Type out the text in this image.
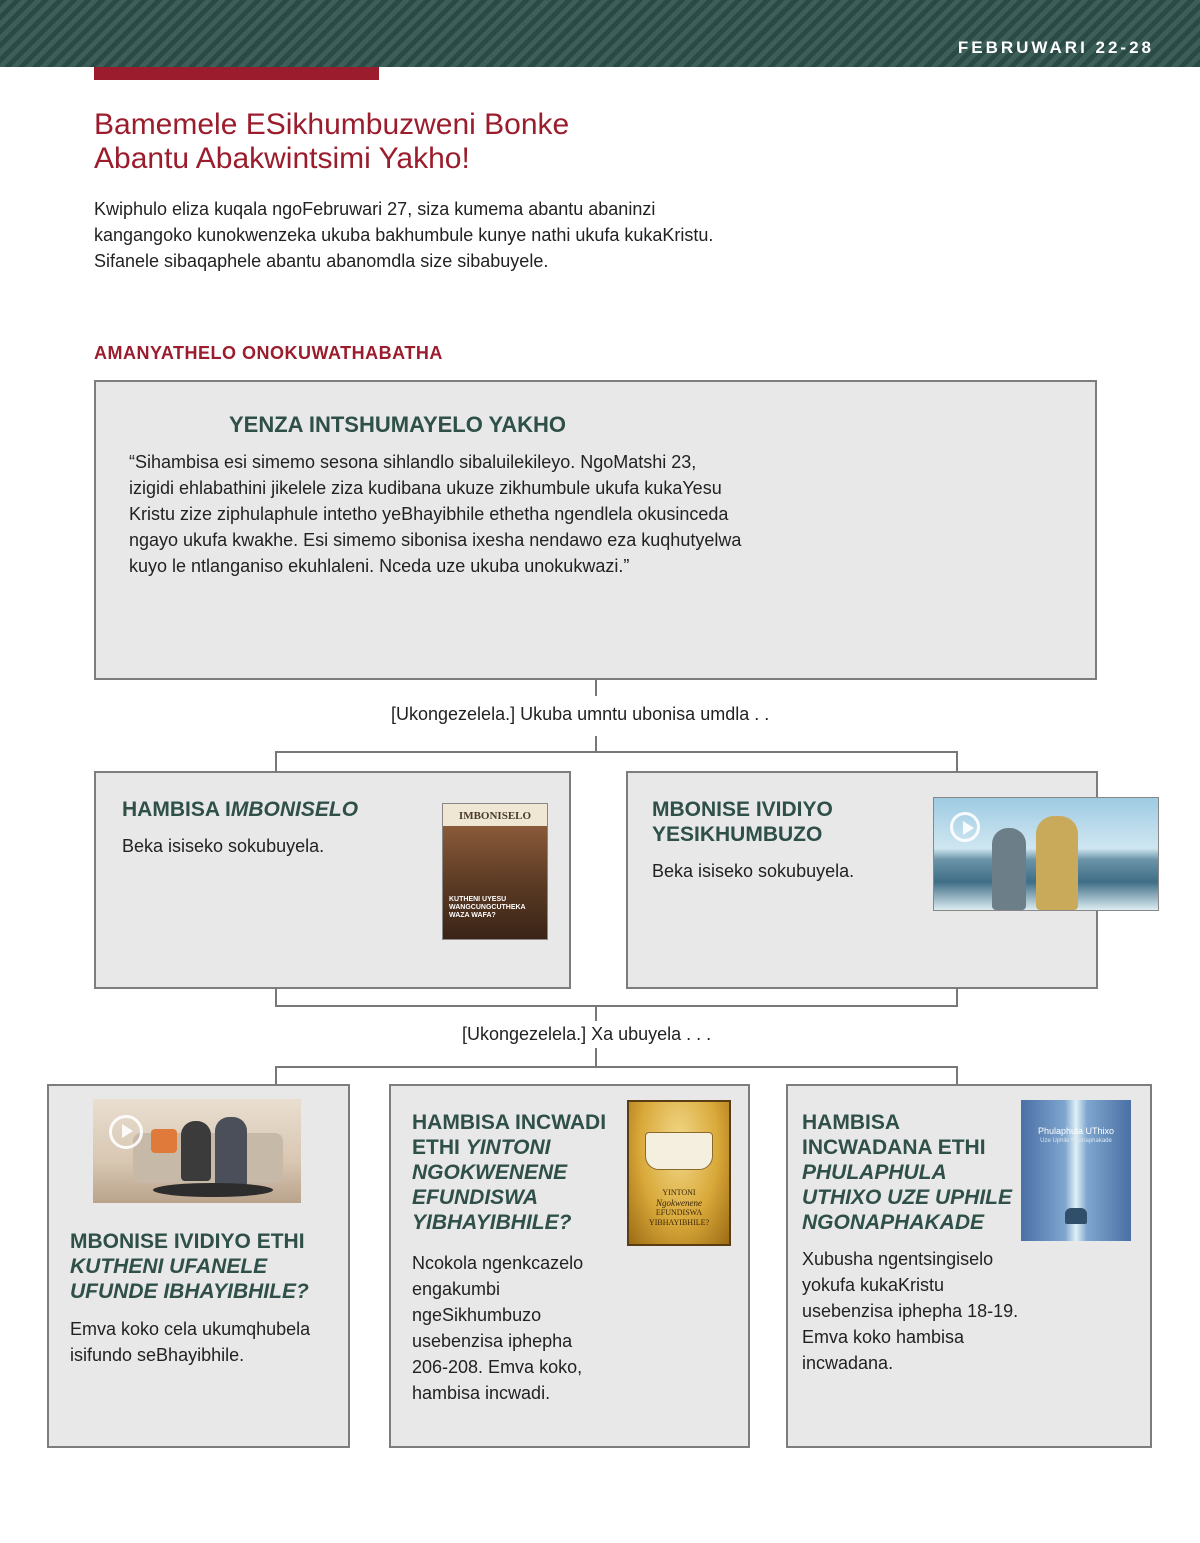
FEBRUWARI 22-28
Bamemele ESikhumbuzweni Bonke
Abantu Abakwintsimi Yakho!

Kwiphulo eliza kuqala ngoFebruwari 27, siza kumema abantu abaninzi kangangoko kunokwenzeka ukuba bakhumbule kunye nathi ukufa kukaKristu. Sifanele sibaqaphele abantu abanomdla size sibabuyele.

AMANYATHELO ONOKUWATHABATHA
YENZA INTSHUMAYELO YAKHO

“Sihambisa esi simemo sesona sihlandlo sibaluilekileyo. NgoMatshi 23, izigidi ehlabathini jikelele ziza kudibana ukuze zikhumbule ukufa kukaYesu Kristu zize ziphulaphule intetho yeBhayibhile ethetha ngendlela okusinceda ngayo ukufa kwakhe. Esi simemo sibonisa ixesha nendawo eza kuqhutyelwa kuyo le ntlanganiso ekuhlaleni. Nceda uze ukuba unokukwazi.”

[Ukongezelela.] Ukuba umntu ubonisa umdla . .
HAMBISA IMBONISELO

Beka isiseko sokubuyela.

IMBONISELO
KUTHENI UYESU
WANGCUNGCUTHEKA
WAZA WAFA?
MBONISE IVIDIYO
YESIKHUMBUZO

Beka isiseko sokubuyela.

[Ukongezelela.] Xa ubuyela . . .
MBONISE IVIDIYO ETHI
KUTHENI UFANELE
UFUNDE IBHAYIBHILE?

Emva koko cela ukumqhubela isifundo seBhayibhile.

HAMBISA INCWADI
ETHI YINTONI
NGOKWENENE
EFUNDISWA
YIBHAYIBHILE?

Ncokola ngenkcazelo engakumbi ngeSikhumbuzo usebenzisa iphepha 206-208. Emva koko, hambisa incwadi.

YINTONI
Ngokwenene
EFUNDISWA
YIBHAYIBHILE?
HAMBISA
INCWADANA ETHI
PHULAPHULA
UTHIXO UZE UPHILE
NGONAPHAKADE

Xubusha ngentsingiselo yokufa kukaKristu usebenzisa iphepha 18-19. Emva koko hambisa incwadana.

Phulaphula UThixo
Uze Uphile Ngonaphakade
